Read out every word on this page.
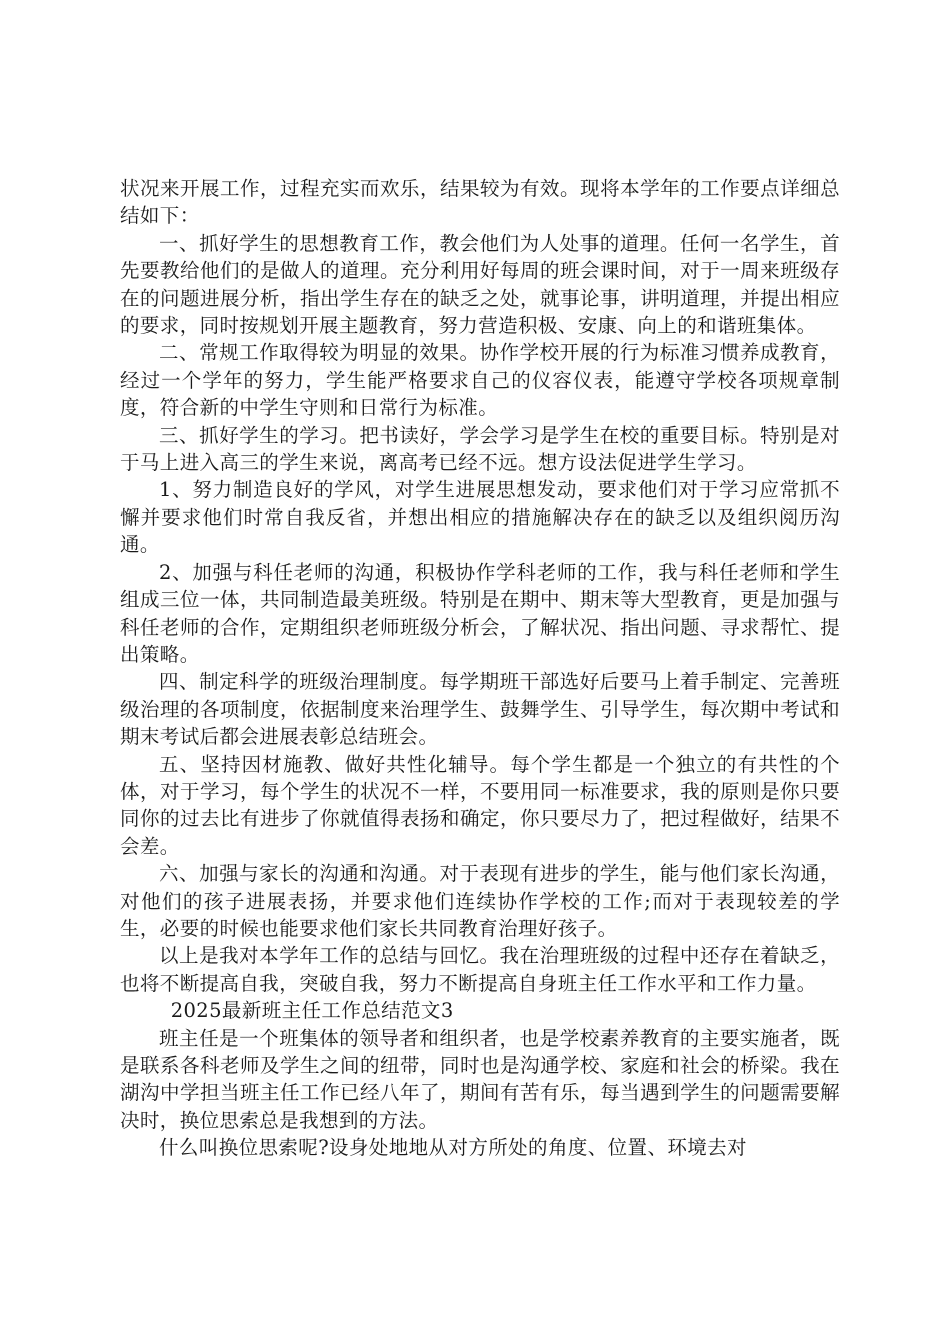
状况来开展工作，过程充实而欢乐，结果较为有效。现将本学年的工作要点详细总结如下：

一、抓好学生的思想教育工作，教会他们为人处事的道理。任何一名学生，首先要教给他们的是做人的道理。充分利用好每周的班会课时间，对于一周来班级存在的问题进展分析，指出学生存在的缺乏之处，就事论事，讲明道理，并提出相应的要求，同时按规划开展主题教育，努力营造积极、安康、向上的和谐班集体。

二、常规工作取得较为明显的效果。协作学校开展的行为标准习惯养成教育，经过一个学年的努力，学生能严格要求自己的仪容仪表，能遵守学校各项规章制度，符合新的中学生守则和日常行为标准。

三、抓好学生的学习。把书读好，学会学习是学生在校的重要目标。特别是对于马上进入高三的学生来说，离高考已经不远。想方设法促进学生学习。

1、努力制造良好的学风，对学生进展思想发动，要求他们对于学习应常抓不懈并要求他们时常自我反省，并想出相应的措施解决存在的缺乏以及组织阅历沟通。

2、加强与科任老师的沟通，积极协作学科老师的工作，我与科任老师和学生组成三位一体，共同制造最美班级。特别是在期中、期末等大型教育，更是加强与科任老师的合作，定期组织老师班级分析会，了解状况、指出问题、寻求帮忙、提出策略。

四、制定科学的班级治理制度。每学期班干部选好后要马上着手制定、完善班级治理的各项制度，依据制度来治理学生、鼓舞学生、引导学生，每次期中考试和期末考试后都会进展表彰总结班会。

五、坚持因材施教、做好共性化辅导。每个学生都是一个独立的有共性的个体，对于学习，每个学生的状况不一样，不要用同一标准要求，我的原则是你只要同你的过去比有进步了你就值得表扬和确定，你只要尽力了，把过程做好，结果不会差。

六、加强与家长的沟通和沟通。对于表现有进步的学生，能与他们家长沟通，对他们的孩子进展表扬，并要求他们连续协作学校的工作;而对于表现较差的学生，必要的时候也能要求他们家长共同教育治理好孩子。

以上是我对本学年工作的总结与回忆。我在治理班级的过程中还存在着缺乏，也将不断提高自我，突破自我，努力不断提高自身班主任工作水平和工作力量。

2025最新班主任工作总结范文3

班主任是一个班集体的领导者和组织者，也是学校素养教育的主要实施者，既是联系各科老师及学生之间的纽带，同时也是沟通学校、家庭和社会的桥梁。我在湖沟中学担当班主任工作已经八年了，期间有苦有乐，每当遇到学生的问题需要解决时，换位思索总是我想到的方法。

什么叫换位思索呢?设身处地地从对方所处的角度、位置、环境去对
